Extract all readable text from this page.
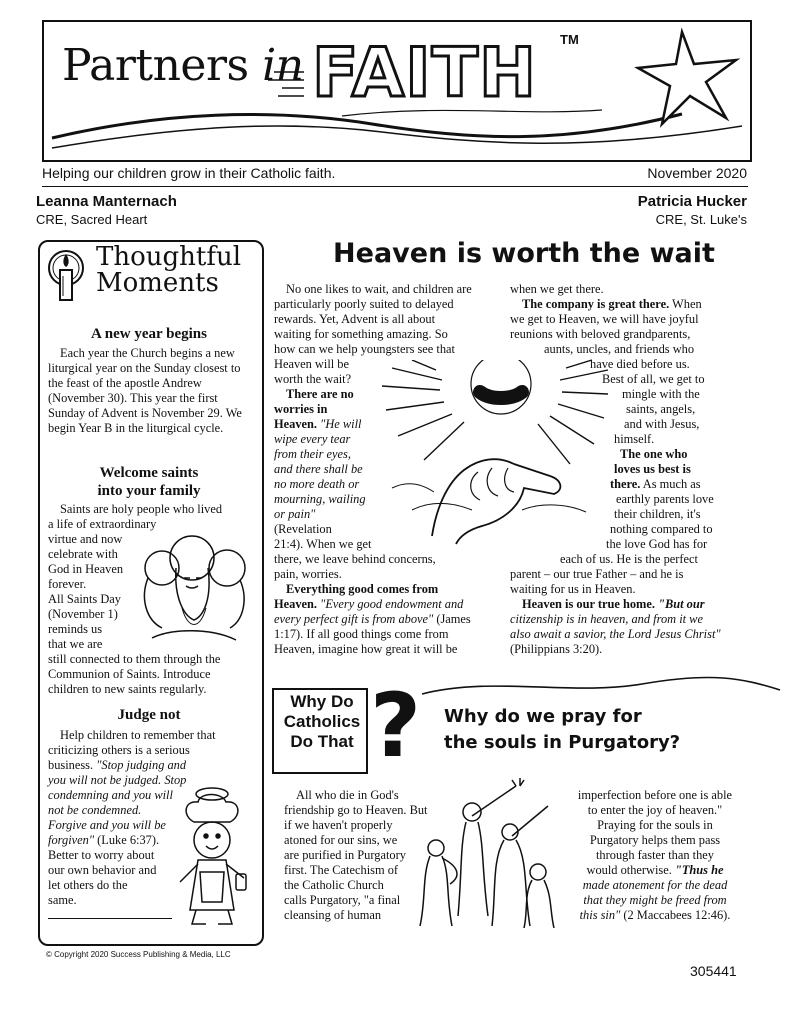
Partners in FAITH TM
Helping our children grow in their Catholic faith.	November 2020
Leanna Manternach
CRE, Sacred Heart
Patricia Hucker
CRE, St. Luke's
Thoughtful
Moments
A new year begins

Each year the Church begins a new liturgical year on the Sunday closest to the feast of the apostle Andrew (November 30). This year the first Sunday of Advent is November 29. We begin Year B in the liturgical cycle.

Welcome saints
into your family

Saints are holy people who lived

a life of extraordinary

virtue and now

celebrate with

God in Heaven

forever.

All Saints Day

(November 1)

reminds us

that we are

still connected to them through the Communion of Saints. Introduce children to new saints regularly.

Judge not

Help children to remember that

criticizing others is a serious

business. "Stop judging and

you will not be judged. Stop

condemning and you will

not be condemned.

Forgive and you will be

forgiven" (Luke 6:37).

Better to worry about

our own behavior and

let others do the

same.

Heaven is worth the wait

No one likes to wait, and children are

particularly poorly suited to delayed

rewards. Yet, Advent is all about

waiting for something amazing. So

how can we help youngsters see that

Heaven will be

worth the wait?

There are no

worries in

Heaven. "He will

wipe every tear

from their eyes,

and there shall be

no more death or

mourning, wailing

or pain"

(Revelation

21:4). When we get

there, we leave behind concerns,

pain, worries.

Everything good comes from

Heaven. "Every good endowment and

every perfect gift is from above" (James

1:17). If all good things come from

Heaven, imagine how great it will be

when we get there.

The company is great there. When

we get to Heaven, we will have joyful

reunions with beloved grandparents,

aunts, uncles, and friends who

have died before us.

Best of all, we get to

mingle with the

saints, angels,

and with Jesus,

himself.

The one who

loves us best is

there. As much as

earthly parents love

their children, it's

nothing compared to

the love God has for

each of us. He is the perfect

parent – our true Father – and he is

waiting for us in Heaven.

Heaven is our true home. "But our

citizenship is in heaven, and from it we

also await a savior, the Lord Jesus Christ"

(Philippians 3:20).

Why Do
Catholics
Do That ? Why do we pray for
the souls in Purgatory?

All who die in God's

friendship go to Heaven. But

if we haven't properly

atoned for our sins, we

are purified in Purgatory

first. The Catechism of

the Catholic Church

calls Purgatory, "a final

cleansing of human

imperfection before one is able

to enter the joy of heaven."

Praying for the souls in

Purgatory helps them pass

through faster than they

would otherwise. "Thus he

made atonement for the dead

that they might be freed from

this sin" (2 Maccabees 12:46).

© Copyright 2020 Success Publishing & Media, LLC
305441
